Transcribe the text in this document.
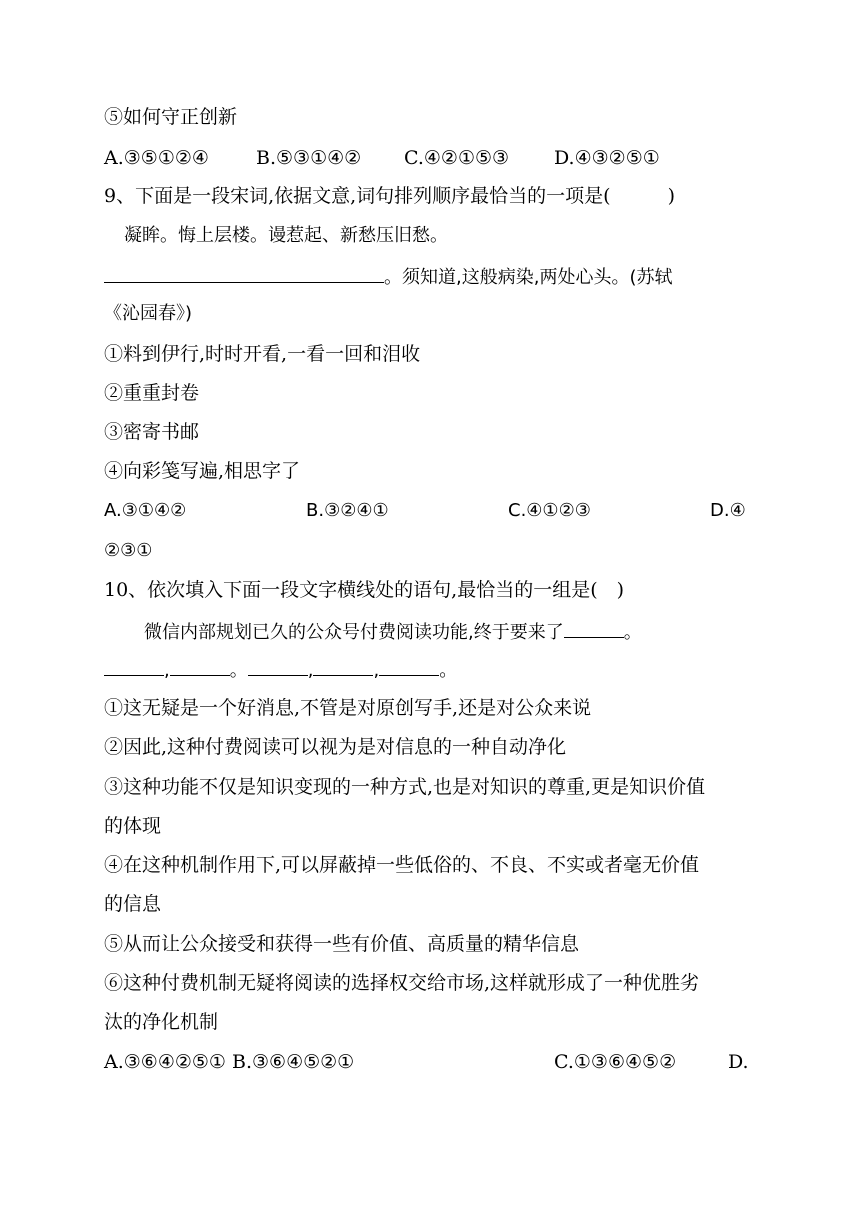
⑤如何守正创新
A.③⑤①②④ B.⑤③①④② C.④②①⑤③ D.④③②⑤①
9、下面是一段宋词,依据文意,词句排列顺序最恰当的一项是(　　　)
凝眸。悔上层楼。谩惹起、新愁压旧愁。
。须知道,这般病染,两处心头。(苏轼
《沁园春》)
①料到伊行,时时开看,一看一回和泪收
②重重封卷
③密寄书邮
④向彩笺写遍,相思字了
A.③①④②	B.③②④①	C.④①②③	D.④
②③①
10、依次填入下面一段文字横线处的语句,最恰当的一组是(　)
微信内部规划已久的公众号付费阅读功能,终于要来了	。
,	。	,	,	。
①这无疑是一个好消息,不管是对原创写手,还是对公众来说
②因此,这种付费阅读可以视为是对信息的一种自动净化
③这种功能不仅是知识变现的一种方式,也是对知识的尊重,更是知识价值
的体现
④在这种机制作用下,可以屏蔽掉一些低俗的、不良、不实或者毫无价值
的信息
⑤从而让公众接受和获得一些有价值、高质量的精华信息
⑥这种付费机制无疑将阅读的选择权交给市场,这样就形成了一种优胜劣
汰的净化机制
A.③⑥④②⑤① B.③⑥④⑤②①	C.①③⑥④⑤②	D.
